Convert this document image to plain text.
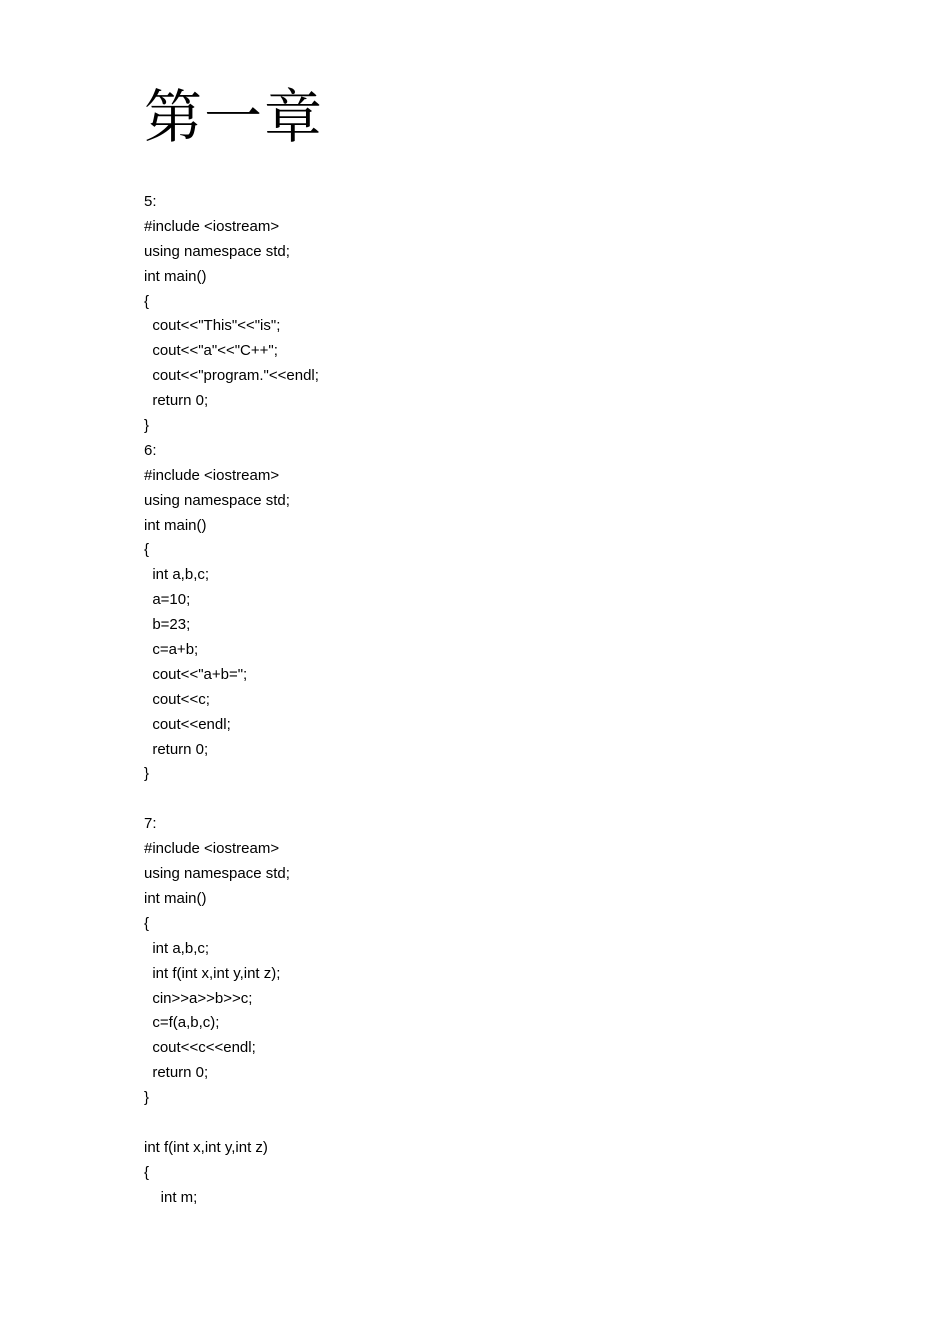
第一章
5:
#include <iostream>
using namespace std;
int main()
{
cout<<"This"<<"is";
cout<<"a"<<"C++";
cout<<"program."<<endl;
return 0;
}
6:
#include <iostream>
using namespace std;
int main()
{
int a,b,c;
a=10;
b=23;
c=a+b;
cout<<"a+b=";
cout<<c;
cout<<endl;
return 0;
}
7:
#include <iostream>
using namespace std;
int main()
{
int a,b,c;
int f(int x,int y,int z);
cin>>a>>b>>c;
c=f(a,b,c);
cout<<c<<endl;
return 0;
}
int f(int x,int y,int z)
{
int m;
